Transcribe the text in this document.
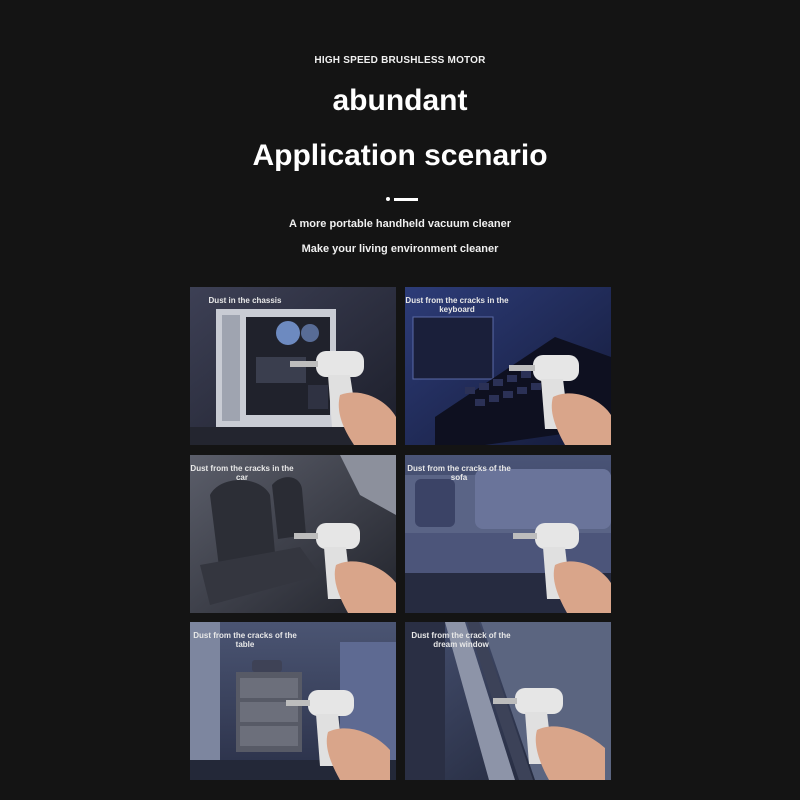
HIGH SPEED BRUSHLESS MOTOR
abundant
Application scenario
A more portable handheld vacuum cleaner
Make your living environment cleaner
Dust in the chassis	Dust from the cracks in the keyboard
Dust from the cracks in the car
Dust from the cracks of the sofa
Dust from the cracks of the table
Dust from the crack of the dream window
